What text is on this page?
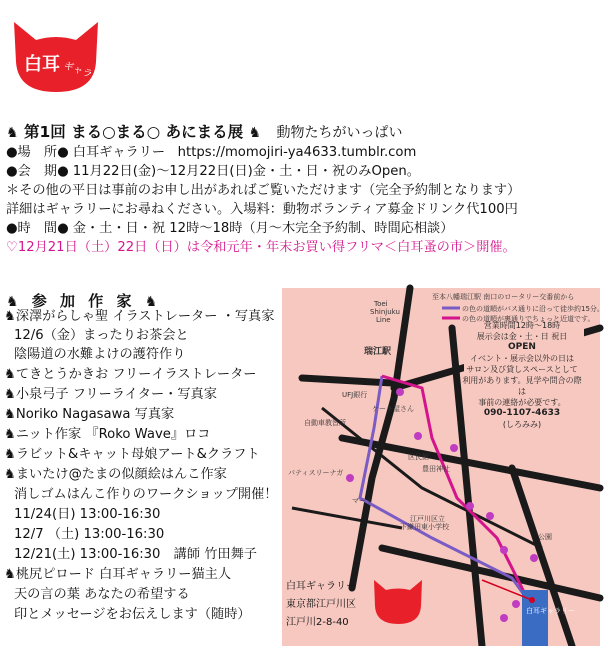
白耳 ギャラリー
♞ 第1回 まる○まる○ あにまる展 ♞ 動物たちがいっぱい
●場　所● 白耳ギャラリー https://momojiri-ya4633.tumblr.com
●会　期● 11月22日(金)〜12月22日(日)金・土・日・祝のみOpen。
＊その他の平日は事前のお申し出があればご覧いただけます（完全予約制となります）
詳細はギャラリーにお尋ねください。入場料：動物ボランティア募金ドリンク代100円
●時　間● 金・土・日・祝 12時〜18時（月〜木完全予約制、時間応相談）
♡12月21日（土）22日（日）は令和元年・年末お買い得フリマ＜白耳蚤の市＞開催。
♞ 参 加 作 家 ♞
♞深澤がらしゃ聖 イラストレーター ・写真家
12/6（金）まったりお茶会と
陰陽道の水難よけの護符作り
♞てきとうかきお フリーイラストレーター
♞小泉弓子 フリーライター・写真家
♞Noriko Nagasawa 写真家
♞ニット作家 『Roko Wave』ロコ
♞ラビット&キャット母娘アート&クラフト
♞まいたけ@たまの似顔絵はんこ作家
消しゴムはんこ作りのワークショップ開催！
11/24(日) 13:00-16:30
12/7 （土) 13:00-16:30
12/21(土) 13:00-16:30　講師 竹田舞子
♞桃尻ピロード 白耳ギャラリー猫主人
天の言の葉 あなたの希望する
印とメッセージをお伝えします（随時）
至本八幡
Toei
Shinjuku
Line
瑞江駅
瑞江駅 南口のロータリー交番前から
の色の道順がバス通りに沿って徒歩約15分。
の色の道順が裏通りでちょっと近道です。
UFJ銀行
ケーキ屋さん
自動車教習所
パティスリーナガ
マート
豊田神社
区民館
江戸川区立
下鎌田東小学校
公園
白耳ギャラリー
営業時間12時〜18時
展示会は金・土・日 祝日
OPEN
イベント・展示会以外の日は
サロン及び貸しスペースとして
利用があります。見学や問合の際は
事前の連絡が必要です。
090-1107-4633
(しろみみ)
白耳ギャラリー
東京都江戸川区
江戸川2-8-40
